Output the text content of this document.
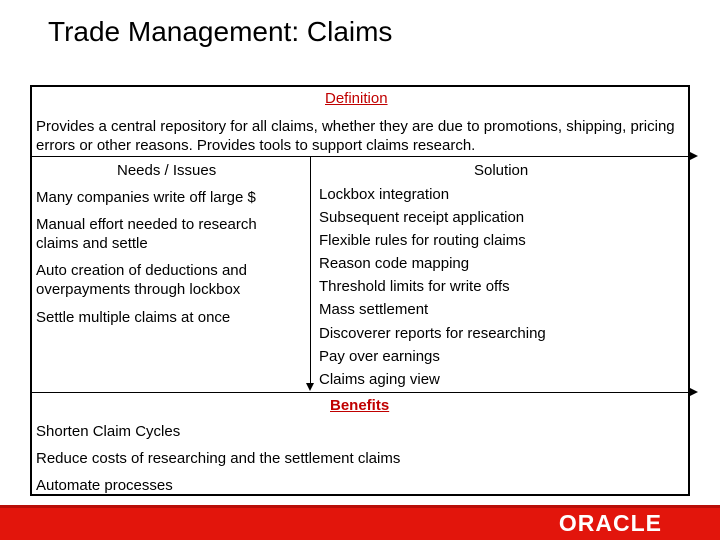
Trade Management: Claims
Definition
Provides a central repository for all claims, whether they are due to promotions, shipping, pricing errors or other reasons. Provides tools to support claims research.
Needs / Issues	Solution
Many companies write off large $
Manual effort needed to research claims and settle
Auto creation of deductions and overpayments through lockbox
Settle multiple claims at once
Lockbox integration
Subsequent receipt application
Flexible rules for routing claims
Reason code mapping
Threshold limits for write offs
Mass settlement
Discoverer reports for researching
Pay over earnings
Claims aging view
Benefits
Shorten Claim Cycles
Reduce costs of researching and the settlement claims
Automate processes
ORACLE
